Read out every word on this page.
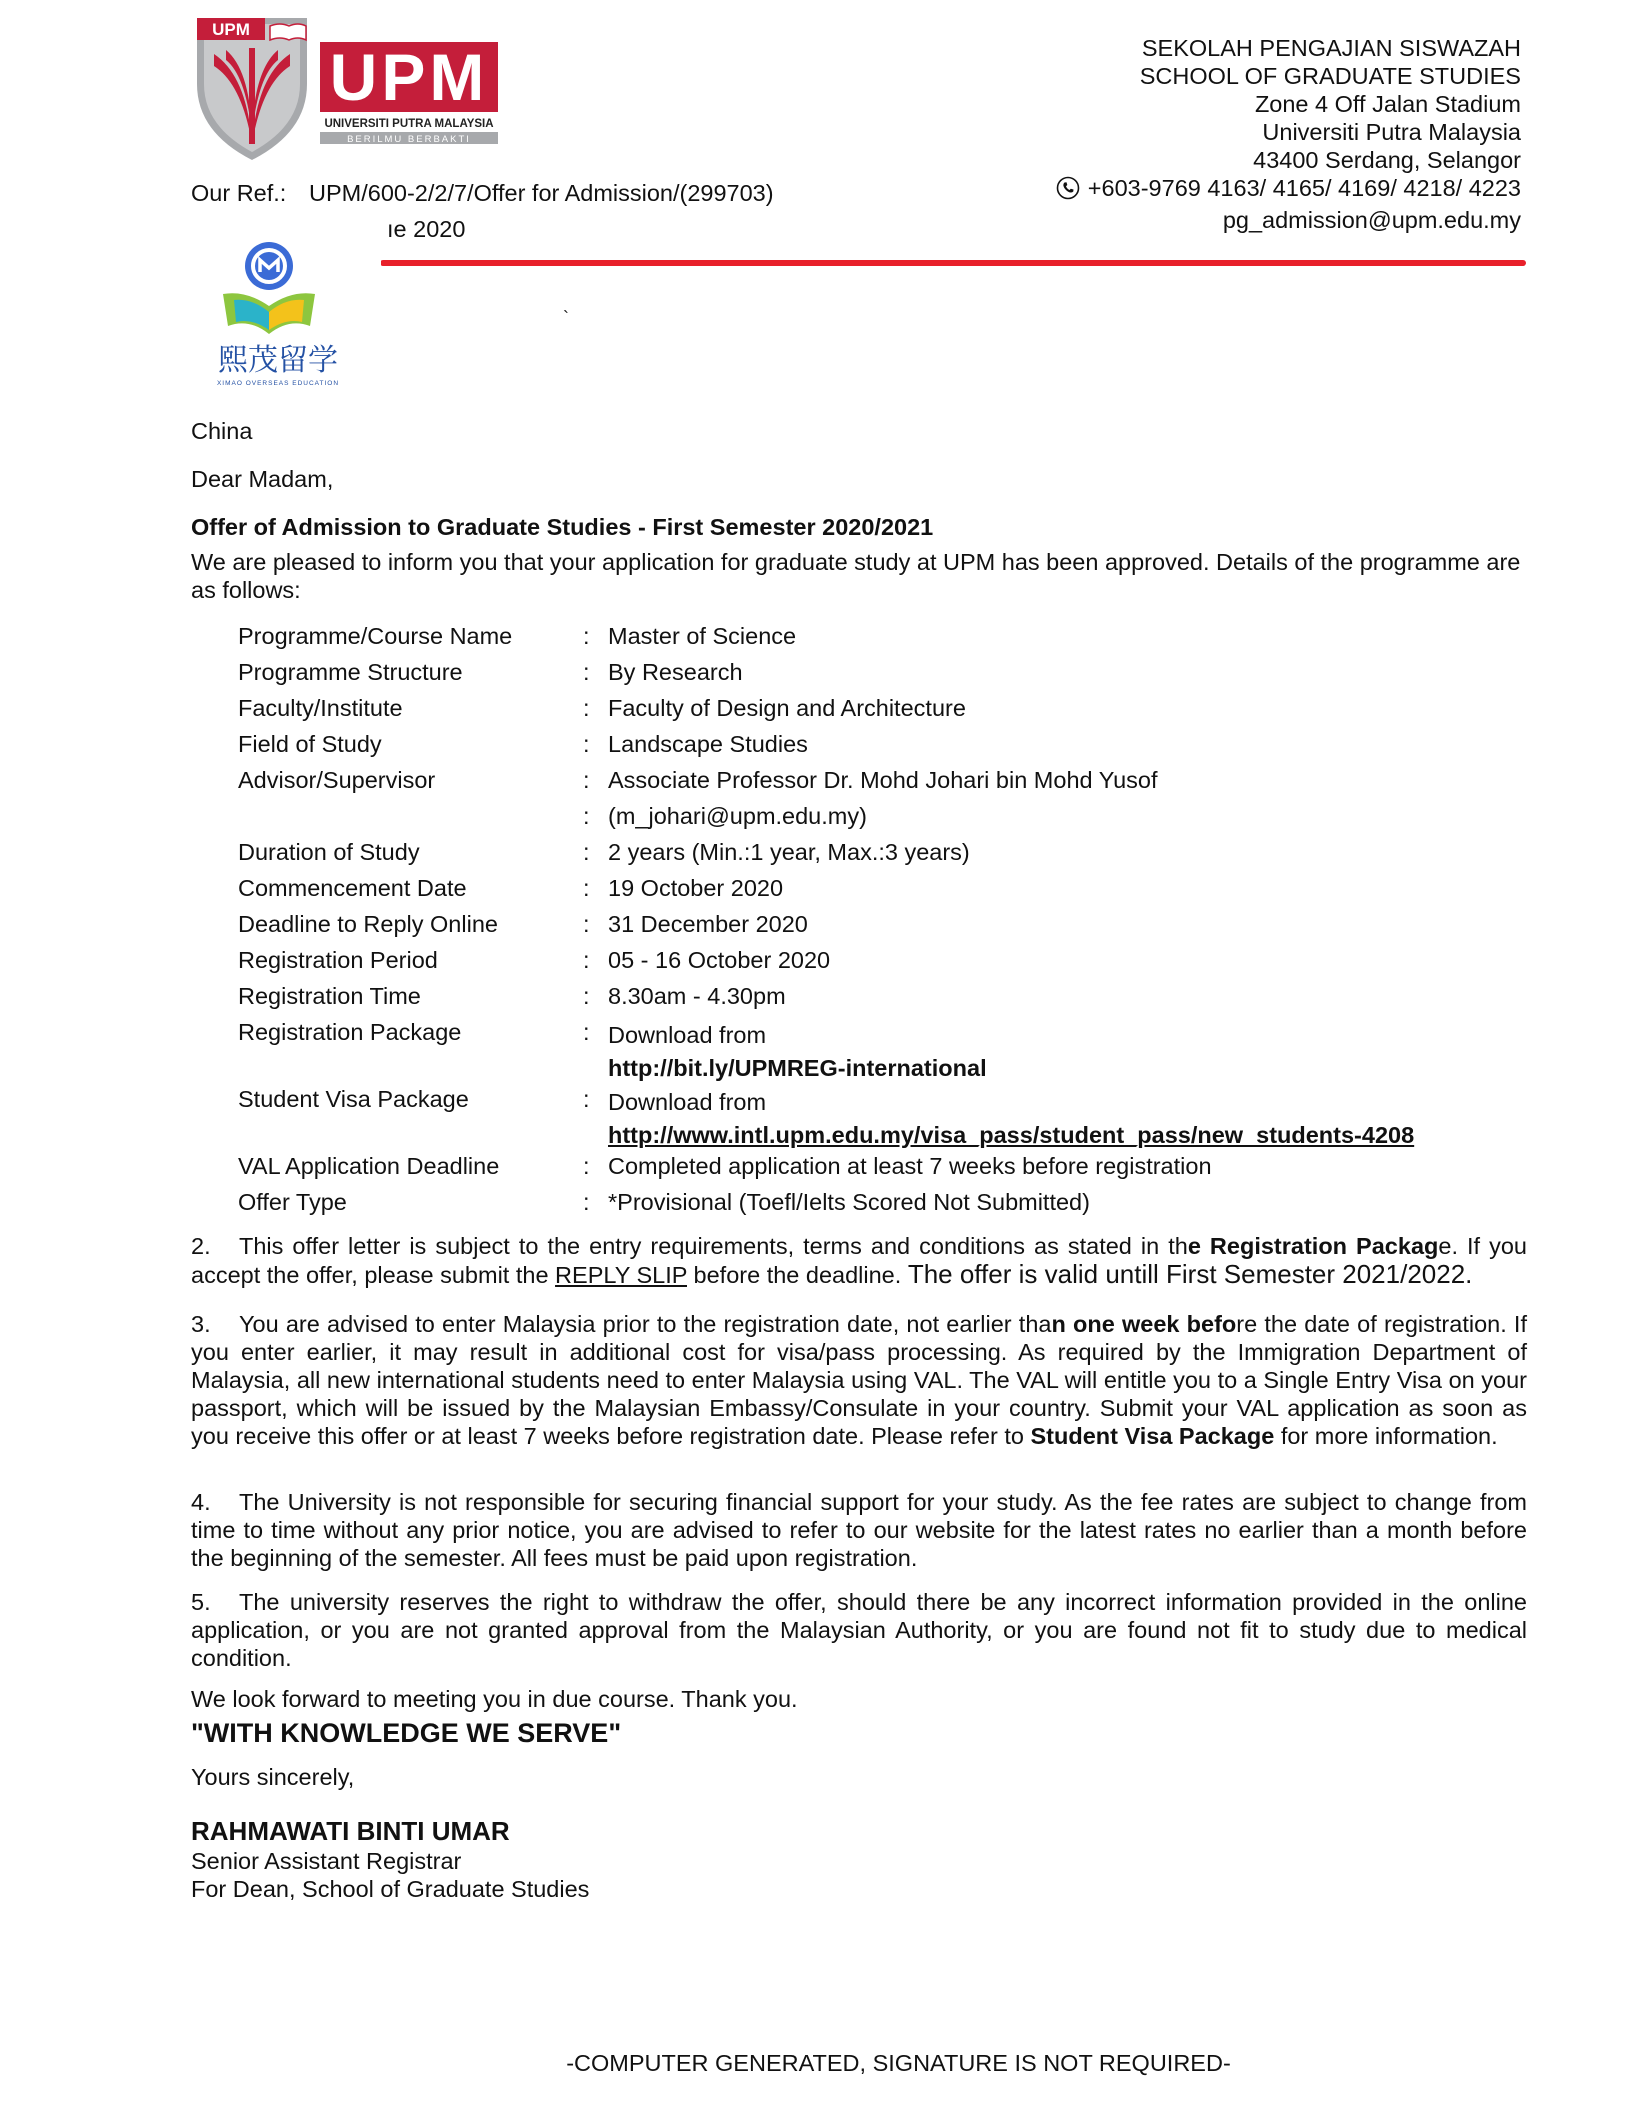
UPM
UPM
UNIVERSITI PUTRA MALAYSIA
BERILMU BERBAKTI
SEKOLAH PENGAJIAN SISWAZAH
SCHOOL OF GRADUATE STUDIES
Zone 4 Off Jalan Stadium
Universiti Putra Malaysia
43400 Serdang, Selangor
+603-9769 4163/ 4165/ 4169/ 4218/ 4223
pg_admission@upm.edu.my
Our Ref.: UPM/600-2/2/7/Offer for Admission/(299703)
ıe 2020
熙茂留学
XIMAO OVERSEAS EDUCATION
`
China
Dear Madam,
Offer of Admission to Graduate Studies - First Semester 2020/2021
We are pleased to inform you that your application for graduate study at UPM has been approved. Details of the programme are as follows:
Programme/Course Name	: Master of Science
Programme Structure	: By Research
Faculty/Institute	: Faculty of Design and Architecture
Field of Study	: Landscape Studies
Advisor/Supervisor	: Associate Professor Dr. Mohd Johari bin Mohd Yusof
: (m_johari@upm.edu.my)
Duration of Study	: 2 years (Min.:1 year, Max.:3 years)
Commencement Date	: 19 October 2020
Deadline to Reply Online	: 31 December 2020
Registration Period	: 05 - 16 October 2020
Registration Time	: 8.30am - 4.30pm
Registration Package	: Download from
http://bit.ly/UPMREG-international
Student Visa Package	: Download from
http://www.intl.upm.edu.my/visa_pass/student_pass/new_students-4208
VAL Application Deadline	: Completed application at least 7 weeks before registration
Offer Type	: *Provisional (Toefl/Ielts Scored Not Submitted)
2. This offer letter is subject to the entry requirements, terms and conditions as stated in the Registration Package. If you accept the offer, please submit the REPLY SLIP before the deadline. The offer is valid untill First Semester 2021/2022.
3. You are advised to enter Malaysia prior to the registration date, not earlier than one week before the date of registration. If you enter earlier, it may result in additional cost for visa/pass processing. As required by the Immigration Department of Malaysia, all new international students need to enter Malaysia using VAL. The VAL will entitle you to a Single Entry Visa on your passport, which will be issued by the Malaysian Embassy/Consulate in your country. Submit your VAL application as soon as you receive this offer or at least 7 weeks before registration date. Please refer to Student Visa Package for more information.
4. The University is not responsible for securing financial support for your study. As the fee rates are subject to change from time to time without any prior notice, you are advised to refer to our website for the latest rates no earlier than a month before the beginning of the semester. All fees must be paid upon registration.
5. The university reserves the right to withdraw the offer, should there be any incorrect information provided in the online application, or you are not granted approval from the Malaysian Authority, or you are found not fit to study due to medical condition.
We look forward to meeting you in due course. Thank you.
"WITH KNOWLEDGE WE SERVE"
Yours sincerely,
RAHMAWATI BINTI UMAR
Senior Assistant Registrar
For Dean, School of Graduate Studies
-COMPUTER GENERATED, SIGNATURE IS NOT REQUIRED-
